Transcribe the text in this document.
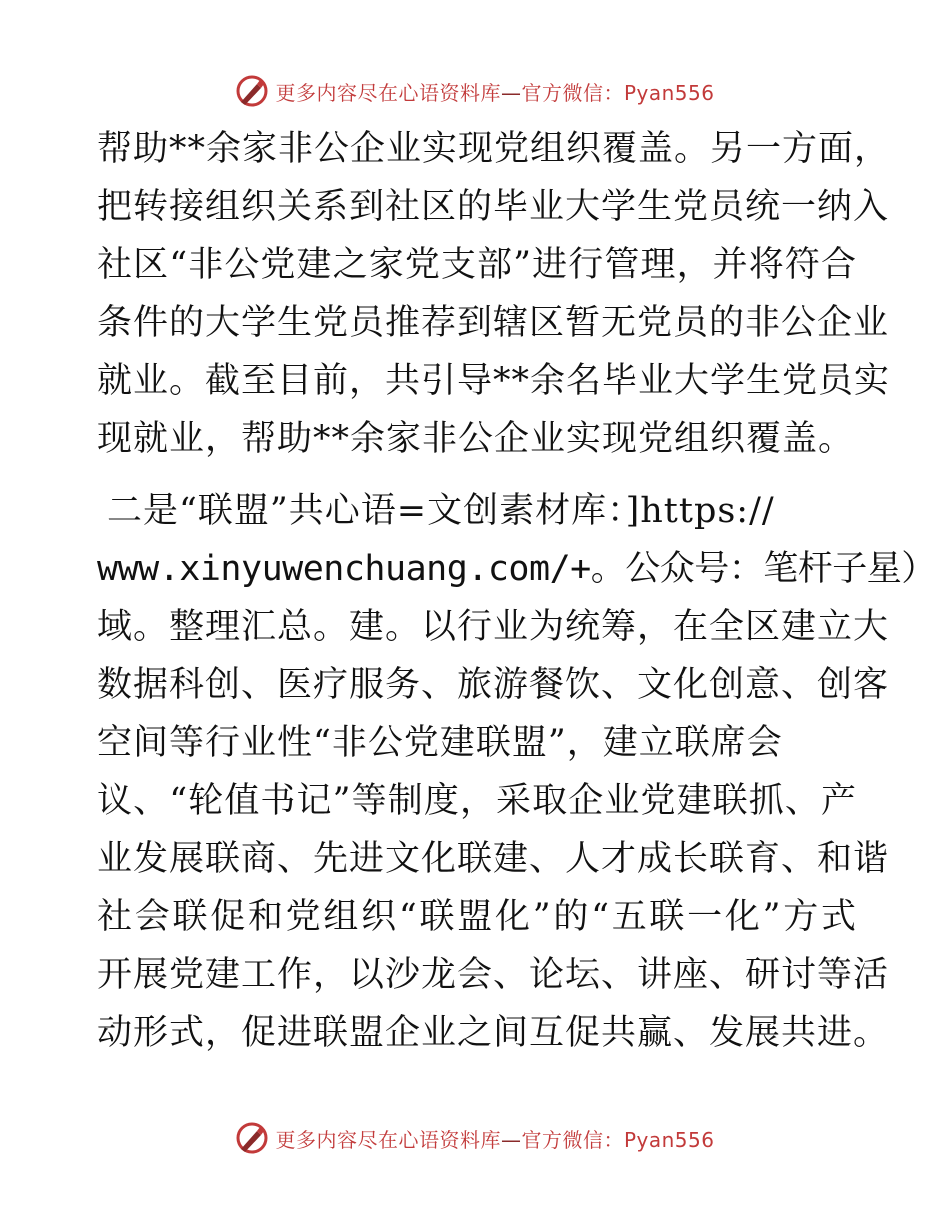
更多内容尽在心语资料库—官方微信：Pyan556
帮助**余家非公企业实现党组织覆盖。另一方面，
把转接组织关系到社区的毕业大学生党员统一纳入
社区“非公党建之家党支部”进行管理，并将符合
条件的大学生党员推荐到辖区暂无党员的非公企业
就业。截至目前，共引导**余名毕业大学生党员实
现就业，帮助**余家非公企业实现党组织覆盖。
二是“联盟”共心语=文创素材库：]https://
www.xinyuwenchuang.com/+。公众号：笔杆子星）
域。整理汇总。建。以行业为统筹，在全区建立大
数据科创、医疗服务、旅游餐饮、文化创意、创客
空间等行业性“非公党建联盟”，建立联席会
议、“轮值书记”等制度，采取企业党建联抓、产
业发展联商、先进文化联建、人才成长联育、和谐
社会联促和党组织“联盟化”的“五联一化”方式
开展党建工作，以沙龙会、论坛、讲座、研讨等活
动形式，促进联盟企业之间互促共赢、发展共进。
更多内容尽在心语资料库—官方微信：Pyan556
